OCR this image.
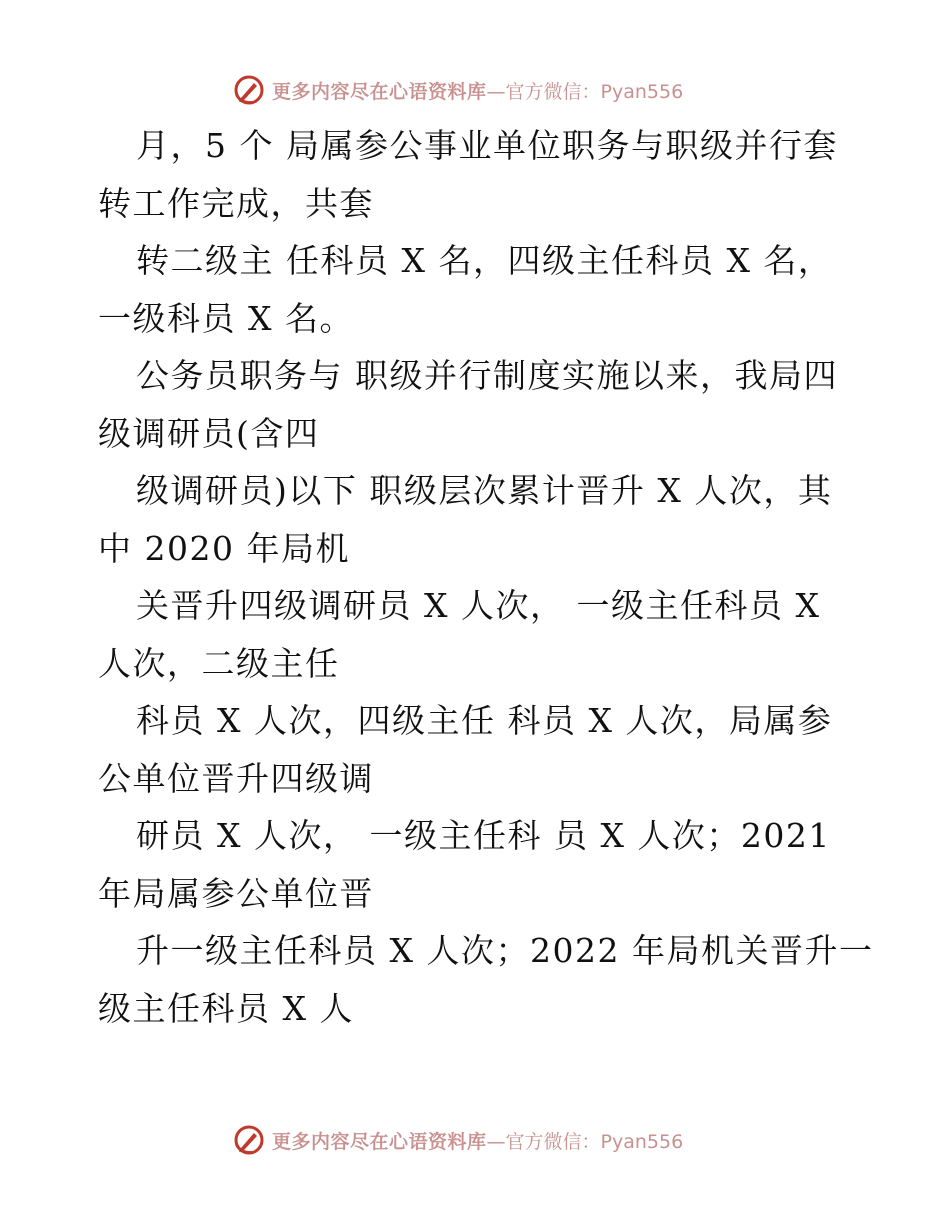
更多内容尽在心语资料库 —官方微信：Pyan556
月，5 个 局属参公事业单位职务与职级并行套
转工作完成，共套
转二级主 任科员 X 名，四级主任科员 X 名，
一级科员 X 名。
公务员职务与 职级并行制度实施以来，我局四
级调研员(含四
级调研员)以下 职级层次累计晋升 X 人次，其
中 2020 年局机
关晋升四级调研员 X 人次， 一级主任科员 X
人次，二级主任
科员 X 人次，四级主任 科员 X 人次，局属参
公单位晋升四级调
研员 X 人次， 一级主任科 员 X 人次；2021
年局属参公单位晋
升一级主任科员 X 人次；2022 年局机关晋升一
级主任科员 X 人
更多内容尽在心语资料库 —官方微信：Pyan556
